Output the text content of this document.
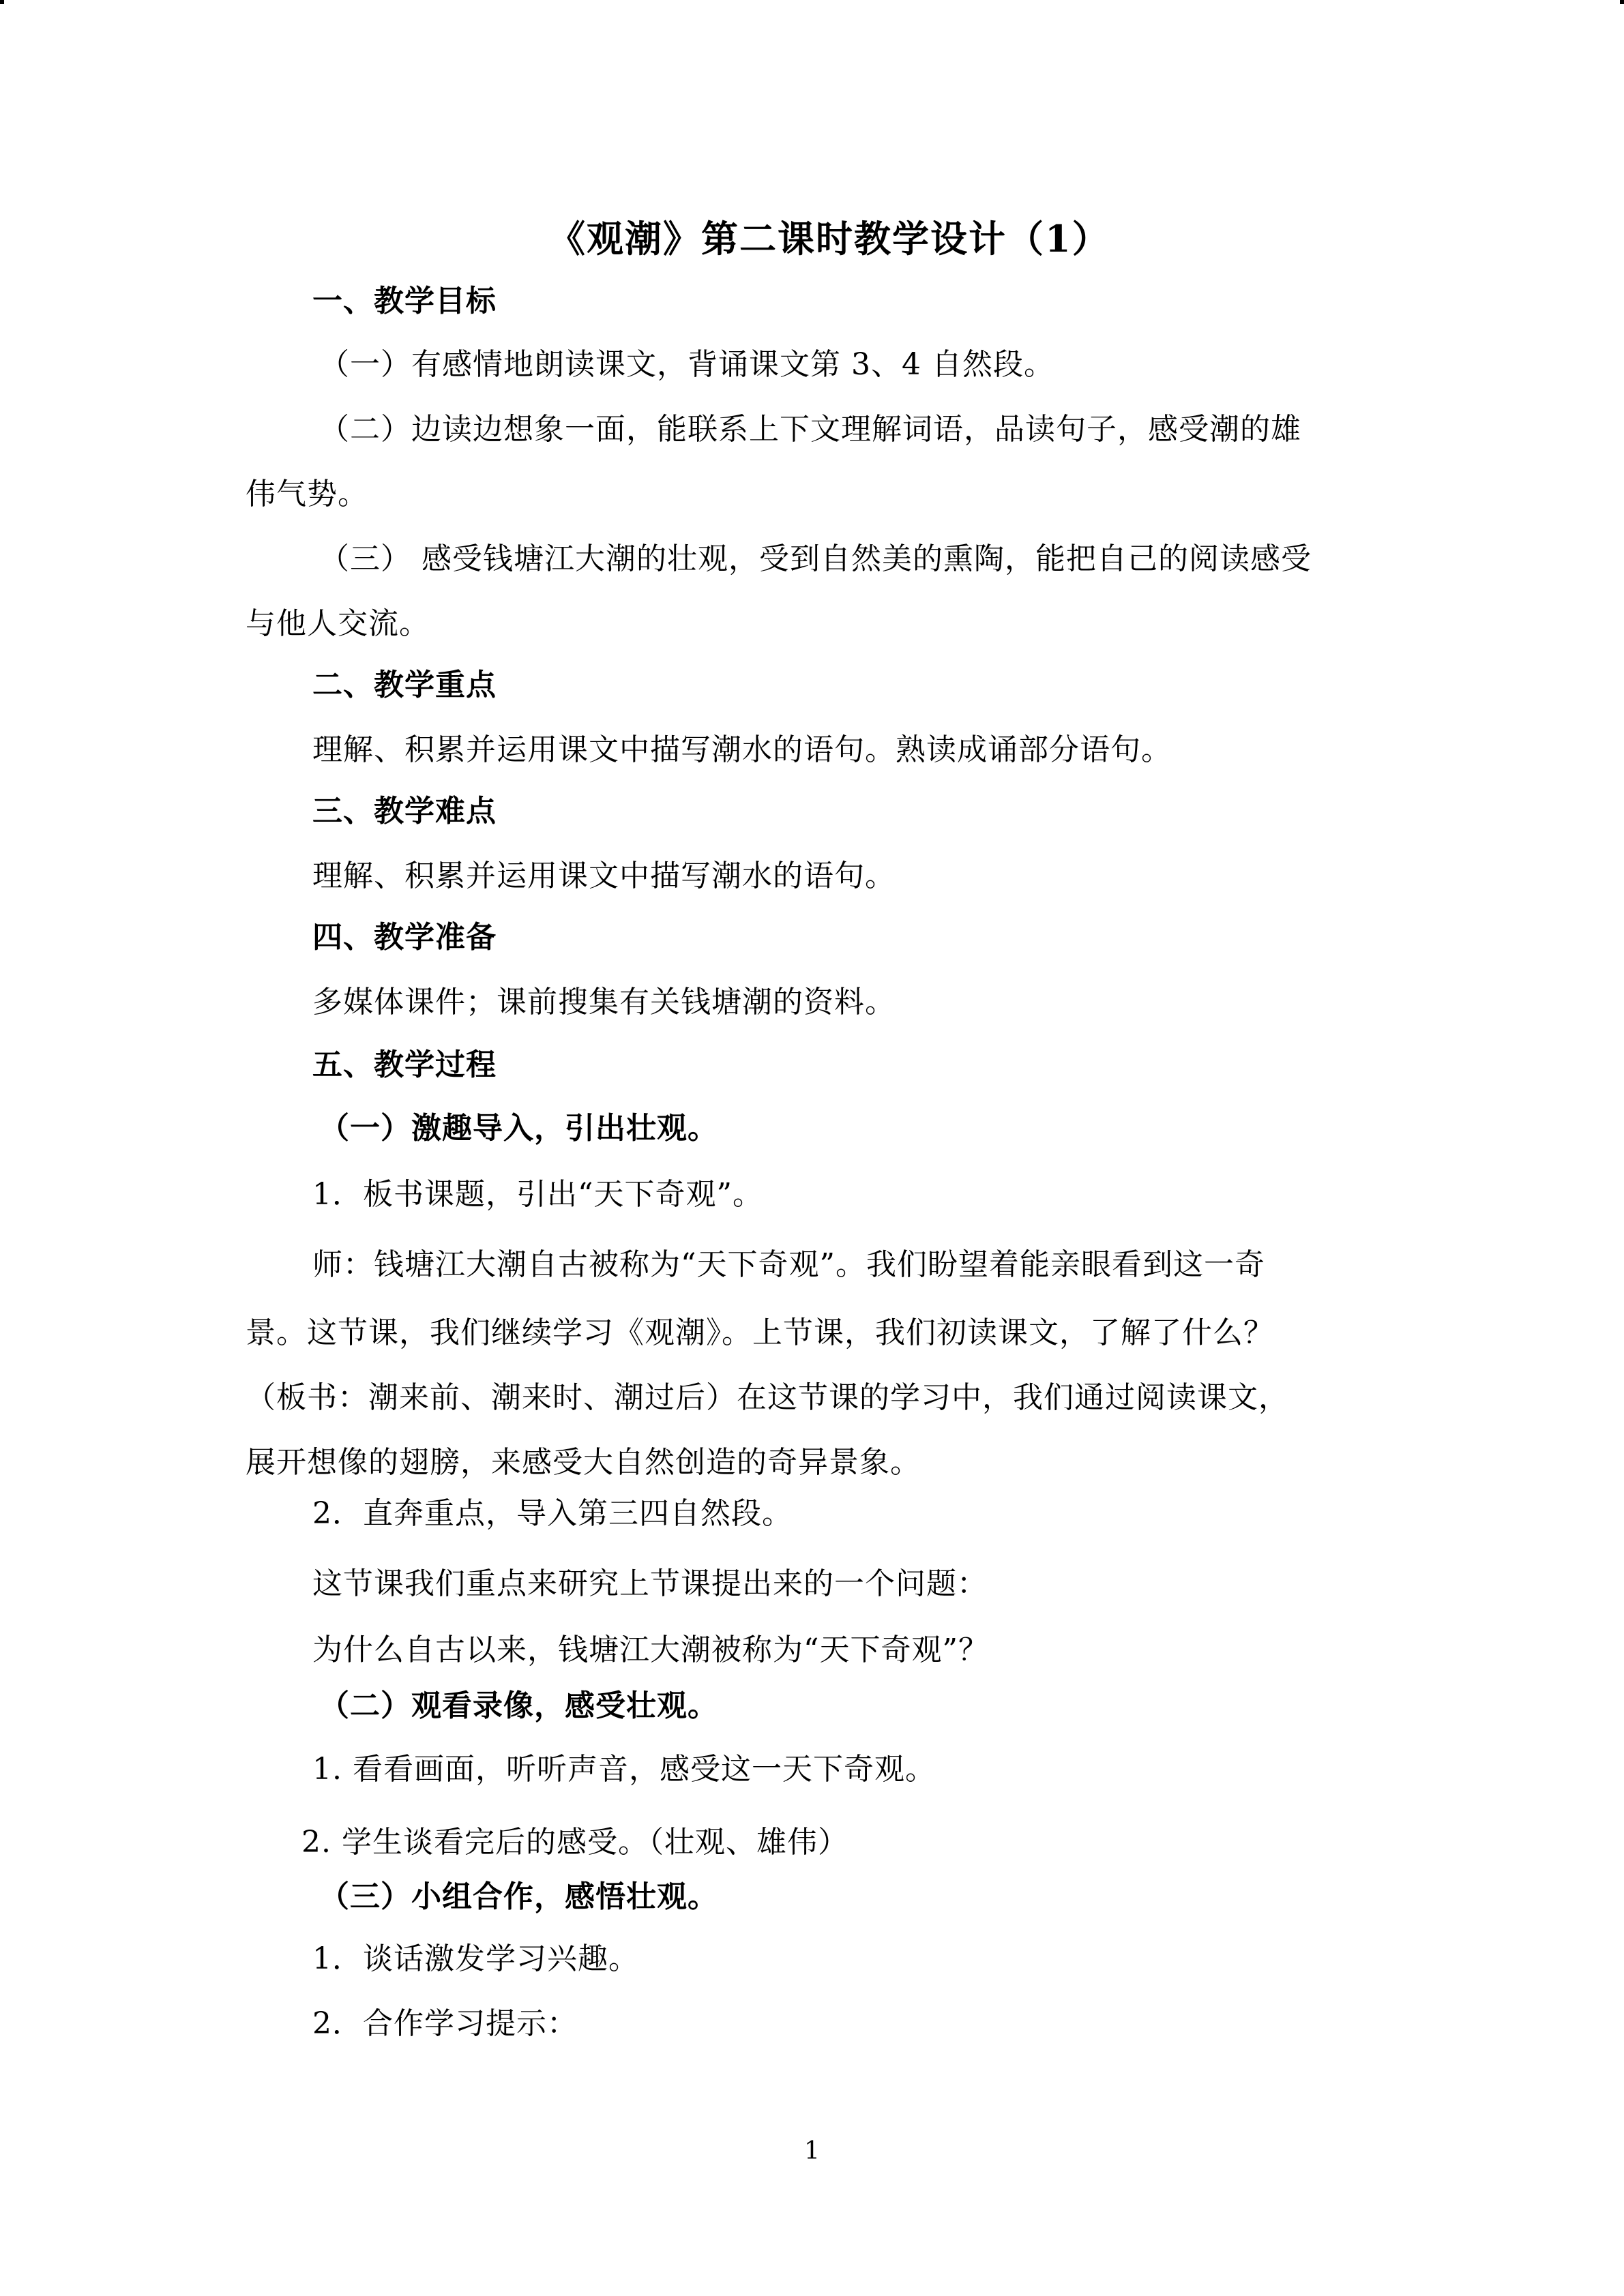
《观潮》第二课时教学设计（1）
一、教学目标
（一）有感情地朗读课文，背诵课文第 3、4 自然段。
（二）边读边想象一面，能联系上下文理解词语，品读句子，感受潮的雄
伟气势。
（三） 感受钱塘江大潮的壮观，受到自然美的熏陶，能把自己的阅读感受
与他人交流。
二、教学重点
理解、积累并运用课文中描写潮水的语句。熟读成诵部分语句。
三、教学难点
理解、积累并运用课文中描写潮水的语句。
四、教学准备
多媒体课件；课前搜集有关钱塘潮的资料。
五、教学过程
（一）激趣导入，引出壮观。
1．板书课题，引出“天下奇观”。
师：钱塘江大潮自古被称为“天下奇观”。我们盼望着能亲眼看到这一奇
景。这节课，我们继续学习《观潮》。上节课，我们初读课文，了解了什么？
（板书：潮来前、潮来时、潮过后）在这节课的学习中，我们通过阅读课文，
展开想像的翅膀，来感受大自然创造的奇异景象。
2．直奔重点，导入第三四自然段。
这节课我们重点来研究上节课提出来的一个问题：
为什么自古以来，钱塘江大潮被称为“天下奇观”？
（二）观看录像，感受壮观。
1. 看看画面，听听声音，感受这一天下奇观。
2. 学生谈看完后的感受。（壮观、雄伟）
（三）小组合作，感悟壮观。
1．谈话激发学习兴趣。
2．合作学习提示：
1
